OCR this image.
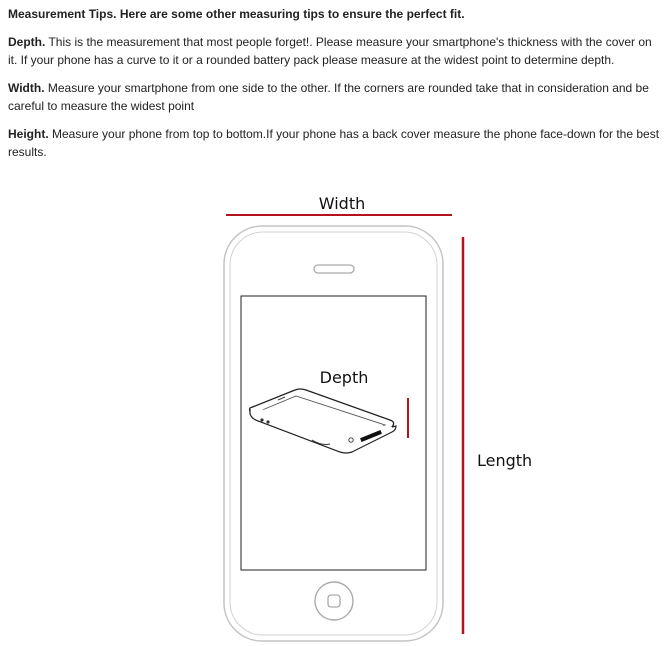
Measurement Tips. Here are some other measuring tips to ensure the perfect fit.
Depth. This is the measurement that most people forget!. Please measure your smartphone's thickness with the cover on it. If your phone has a curve to it or a rounded battery pack please measure at the widest point to determine depth.
Width. Measure your smartphone from one side to the other. If the corners are rounded take that in consideration and be careful to measure the widest point
Height. Measure your phone from top to bottom.If your phone has a back cover measure the phone face-down for the best results.
Width
Depth
Length
